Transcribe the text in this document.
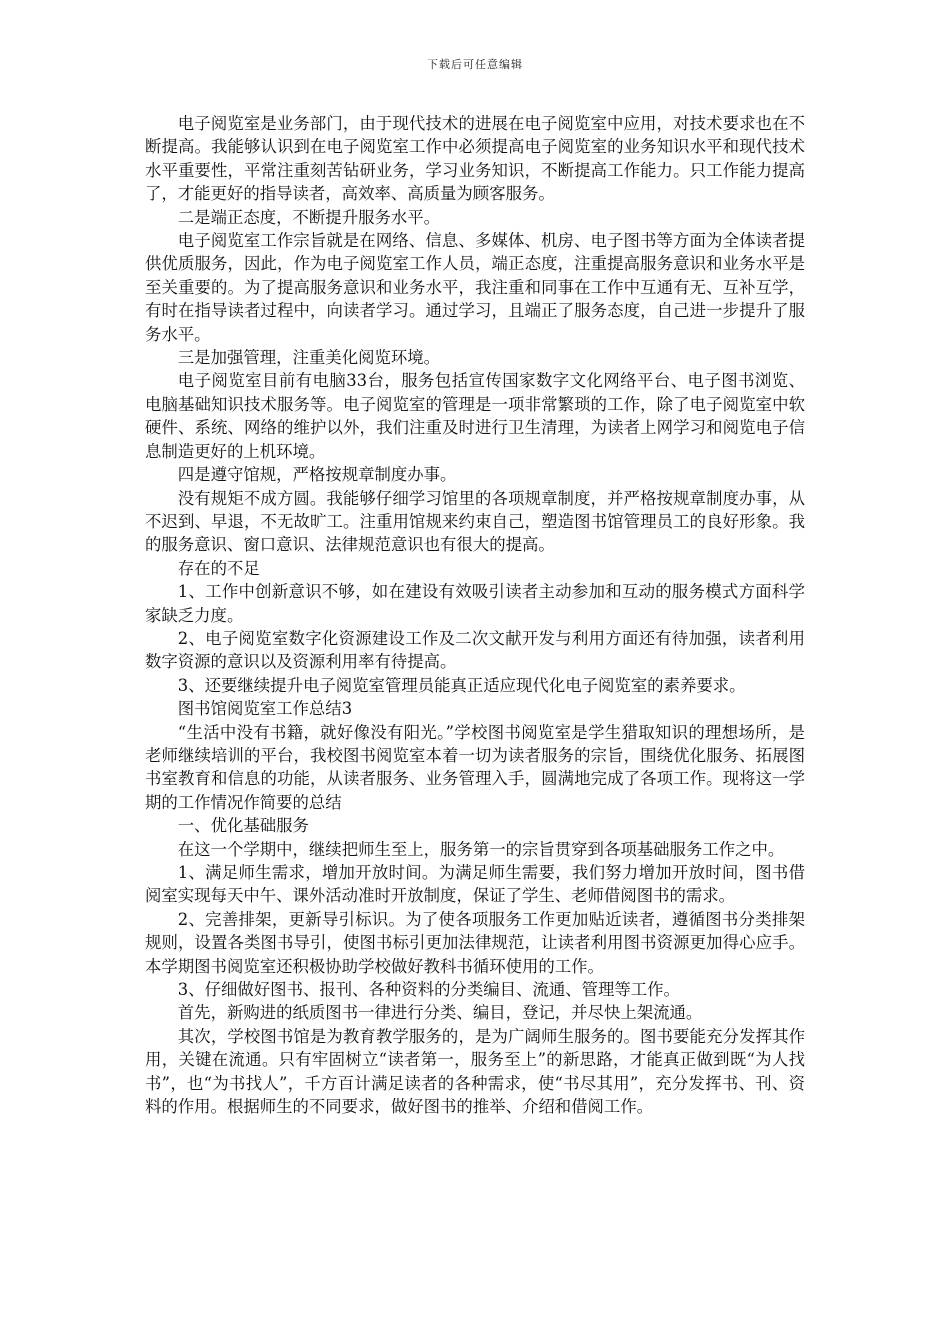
下载后可任意编辑

电子阅览室是业务部门，由于现代技术的进展在电子阅览室中应用，对技术要求也在不断提高。我能够认识到在电子阅览室工作中必须提高电子阅览室的业务知识水平和现代技术水平重要性，平常注重刻苦钻研业务，学习业务知识，不断提高工作能力。只工作能力提高了，才能更好的指导读者，高效率、高质量为顾客服务。

二是端正态度，不断提升服务水平。

电子阅览室工作宗旨就是在网络、信息、多媒体、机房、电子图书等方面为全体读者提供优质服务，因此，作为电子阅览室工作人员，端正态度，注重提高服务意识和业务水平是至关重要的。为了提高服务意识和业务水平，我注重和同事在工作中互通有无、互补互学，有时在指导读者过程中，向读者学习。通过学习，且端正了服务态度，自己进一步提升了服务水平。

三是加强管理，注重美化阅览环境。

电子阅览室目前有电脑33台，服务包括宣传国家数字文化网络平台、电子图书浏览、电脑基础知识技术服务等。电子阅览室的管理是一项非常繁琐的工作，除了电子阅览室中软硬件、系统、网络的维护以外，我们注重及时进行卫生清理，为读者上网学习和阅览电子信息制造更好的上机环境。

四是遵守馆规，严格按规章制度办事。

没有规矩不成方圆。我能够仔细学习馆里的各项规章制度，并严格按规章制度办事，从不迟到、早退，不无故旷工。注重用馆规来约束自己，塑造图书馆管理员工的良好形象。我的服务意识、窗口意识、法律规范意识也有很大的提高。

存在的不足

1、工作中创新意识不够，如在建设有效吸引读者主动参加和互动的服务模式方面科学家缺乏力度。

2、电子阅览室数字化资源建设工作及二次文献开发与利用方面还有待加强，读者利用数字资源的意识以及资源利用率有待提高。

3、还要继续提升电子阅览室管理员能真正适应现代化电子阅览室的素养要求。

图书馆阅览室工作总结3

“生活中没有书籍，就好像没有阳光。”学校图书阅览室是学生猎取知识的理想场所，是老师继续培训的平台，我校图书阅览室本着一切为读者服务的宗旨，围绕优化服务、拓展图书室教育和信息的功能，从读者服务、业务管理入手，圆满地完成了各项工作。现将这一学期的工作情况作简要的总结

一、优化基础服务

在这一个学期中，继续把师生至上，服务第一的宗旨贯穿到各项基础服务工作之中。

1、满足师生需求，增加开放时间。为满足师生需要，我们努力增加开放时间，图书借阅室实现每天中午、课外活动准时开放制度，保证了学生、老师借阅图书的需求。

2、完善排架，更新导引标识。为了使各项服务工作更加贴近读者，遵循图书分类排架规则，设置各类图书导引，使图书标引更加法律规范，让读者利用图书资源更加得心应手。本学期图书阅览室还积极协助学校做好教科书循环使用的工作。

3、仔细做好图书、报刊、各种资料的分类编目、流通、管理等工作。

首先，新购进的纸质图书一律进行分类、编目，登记，并尽快上架流通。

其次，学校图书馆是为教育教学服务的，是为广阔师生服务的。图书要能充分发挥其作用，关键在流通。只有牢固树立“读者第一，服务至上”的新思路，才能真正做到既“为人找书”，也“为书找人”，千方百计满足读者的各种需求，使“书尽其用”，充分发挥书、刊、资料的作用。根据师生的不同要求，做好图书的推举、介绍和借阅工作。
